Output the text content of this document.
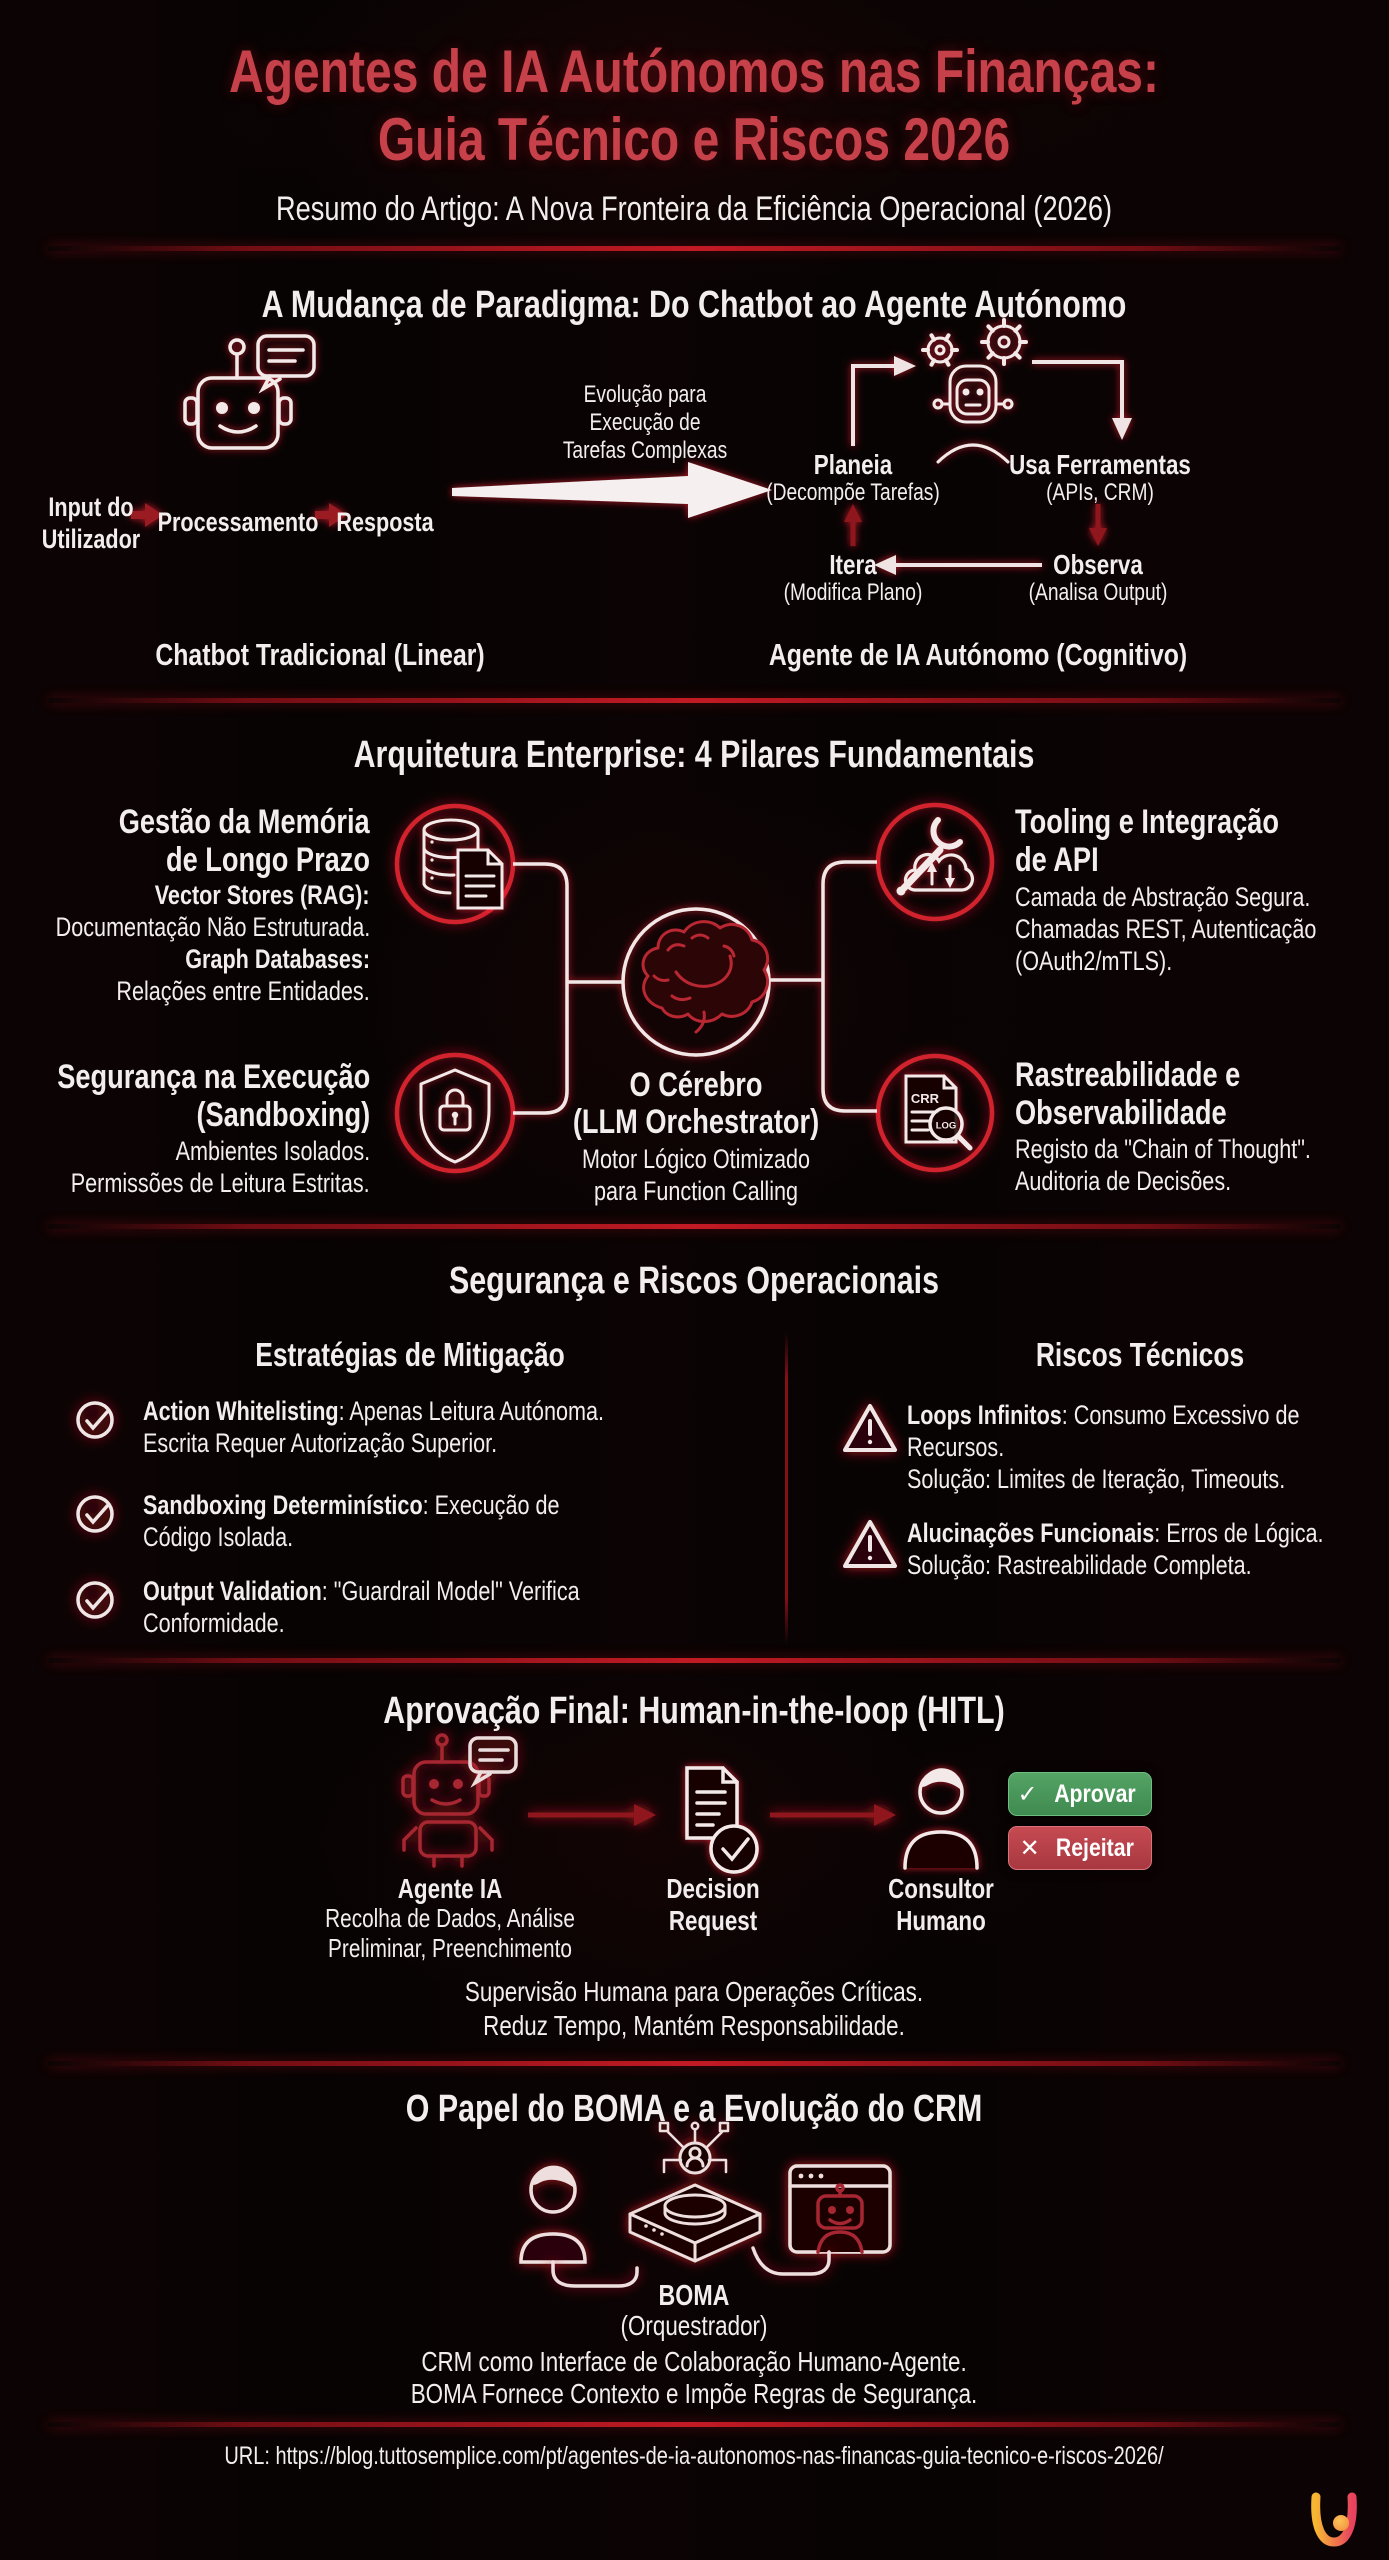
CRR
LOG
Agentes de IA Autónomos nas Finanças:
Guia Técnico e Riscos 2026
Resumo do Artigo: A Nova Fronteira da Eficiência Operacional (2026)
A Mudança de Paradigma: Do Chatbot ao Agente Autónomo
Input do
Utilizador
Processamento Resposta
Evolução para
Execução de
Tarefas Complexas	Planeia
(Decompõe Tarefas)
Usa Ferramentas
(APIs, CRM)
Observa
(Analisa Output)
Itera
(Modifica Plano)
Chatbot Tradicional (Linear)	Agente de IA Autónomo (Cognitivo)
Arquitetura Enterprise: 4 Pilares Fundamentais
Gestão da Memória
de Longo Prazo
Vector Stores (RAG):
Documentação Não Estruturada.
Graph Databases:
Relações entre Entidades.
Segurança na Execução
(Sandboxing)
Ambientes Isolados.
Permissões de Leitura Estritas.
Tooling e Integração
de API
Camada de Abstração Segura.
Chamadas REST, Autenticação
(OAuth2/mTLS).
Rastreabilidade e
Observabilidade
Registo da "Chain of Thought".
Auditoria de Decisões.
O Cérebro
(LLM Orchestrator)
Motor Lógico Otimizado
para Function Calling
Segurança e Riscos Operacionais
Estratégias de Mitigação	Riscos Técnicos
Action Whitelisting: Apenas Leitura Autónoma.
Escrita Requer Autorização Superior.
Sandboxing Determinístico: Execução de
Código Isolada.
Output Validation: "Guardrail Model" Verifica
Conformidade.
Loops Infinitos: Consumo Excessivo de
Recursos.
Solução: Limites de Iteração, Timeouts.
Alucinações Funcionais: Erros de Lógica.
Solução: Rastreabilidade Completa.
Aprovação Final: Human-in-the-loop (HITL)
Agente IA
Recolha de Dados, Análise
Preliminar, Preenchimento
Decision
Request
Consultor
Humano
✓ Aprovar
✕ Rejeitar
Supervisão Humana para Operações Críticas.
Reduz Tempo, Mantém Responsabilidade.
O Papel do BOMA e a Evolução do CRM
BOMA
(Orquestrador)
CRM como Interface de Colaboração Humano-Agente.
BOMA Fornece Contexto e Impõe Regras de Segurança.
URL: https://blog.tuttosemplice.com/pt/agentes-de-ia-autonomos-nas-financas-guia-tecnico-e-riscos-2026/
